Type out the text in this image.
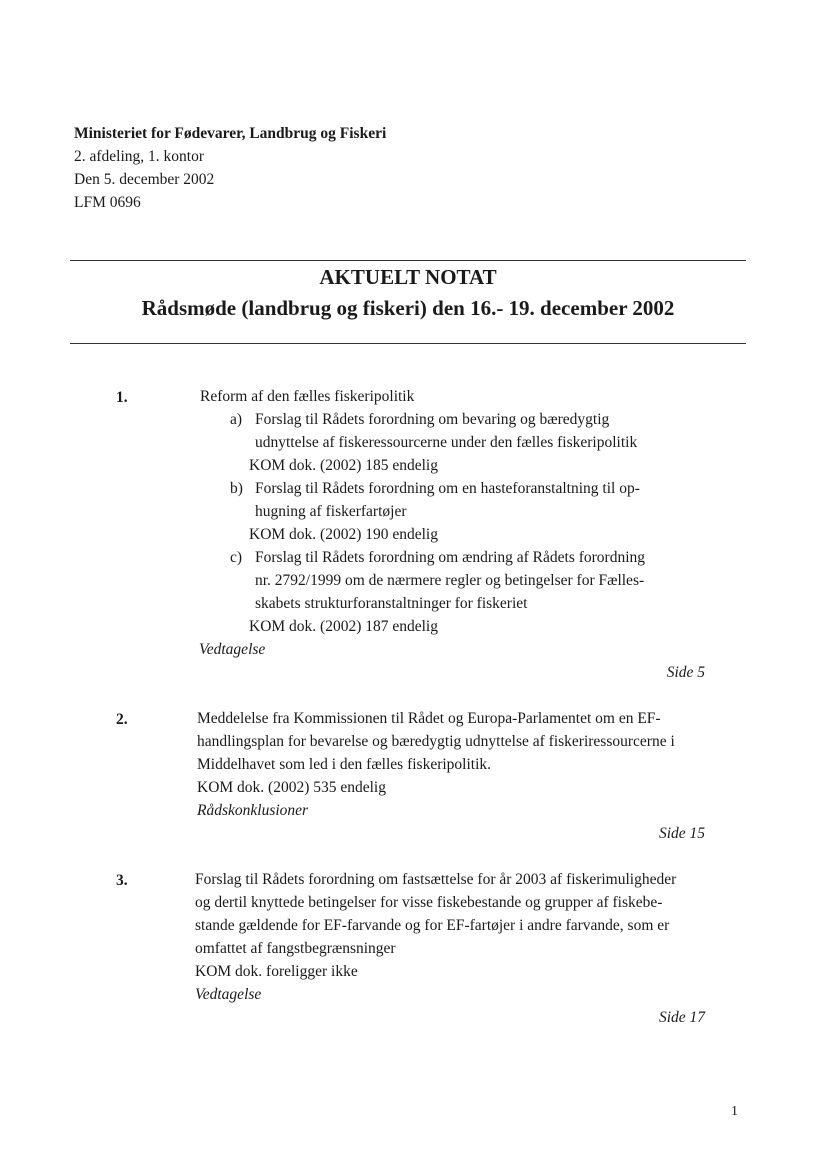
Ministeriet for Fødevarer, Landbrug og Fiskeri
2. afdeling, 1. kontor
Den 5. december 2002
LFM 0696
AKTUELT NOTAT
Rådsmøde (landbrug og fiskeri) den 16.- 19. december 2002
1.	Reform af den fælles fiskeripolitik
a) Forslag til Rådets forordning om bevaring og bæredygtig
udnyttelse af fiskeressourcerne under den fælles fiskeripolitik
KOM dok. (2002) 185 endelig
b) Forslag til Rådets forordning om en hasteforanstaltning til op-
hugning af fiskerfartøjer
KOM dok. (2002) 190 endelig
c) Forslag til Rådets forordning om ændring af Rådets forordning
nr. 2792/1999 om de nærmere regler og betingelser for Fælles-
skabets strukturforanstaltninger for fiskeriet
KOM dok. (2002) 187 endelig
Vedtagelse
Side 5
2.	Meddelelse fra Kommissionen til Rådet og Europa-Parlamentet om en EF-
handlingsplan for bevarelse og bæredygtig udnyttelse af fiskeriressourcerne i
Middelhavet som led i den fælles fiskeripolitik.
KOM dok. (2002) 535 endelig
Rådskonklusioner
Side 15
3.	Forslag til Rådets forordning om fastsættelse for år 2003 af fiskerimuligheder
og dertil knyttede betingelser for visse fiskebestande og grupper af fiskebe-
stande gældende for EF-farvande og for EF-fartøjer i andre farvande, som er
omfattet af fangstbegrænsninger
KOM dok. foreligger ikke
Vedtagelse
Side 17
1
